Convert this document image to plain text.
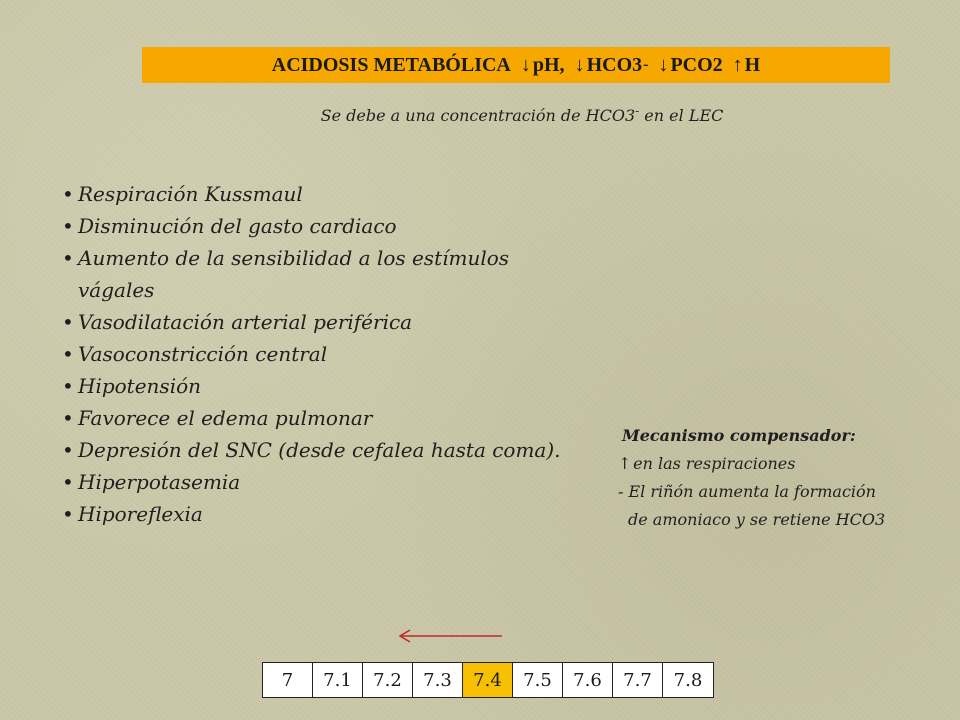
ACIDOSIS METABÓLICA ↓ pH, ↓ HCO3 - ↓ PCO2 ↑ H
Se debe a una concentración de HCO3- en el LEC
• Respiración Kussmaul
• Disminución del gasto cardiaco
• Aumento de la sensibilidad a los estímulos vágales
• Vasodilatación arterial periférica
• Vasoconstricción central
• Hipotensión
• Favorece el edema pulmonar
• Depresión del SNC (desde cefalea hasta coma).
• Hiperpotasemia
• Hiporeflexia
Mecanismo compensador:
↑ en las respiraciones
- El riñón aumenta la formación
de amoniaco y se retiene HCO3
7	7.1	7.2	7.3	7.4	7.5	7.6	7.7	7.8
